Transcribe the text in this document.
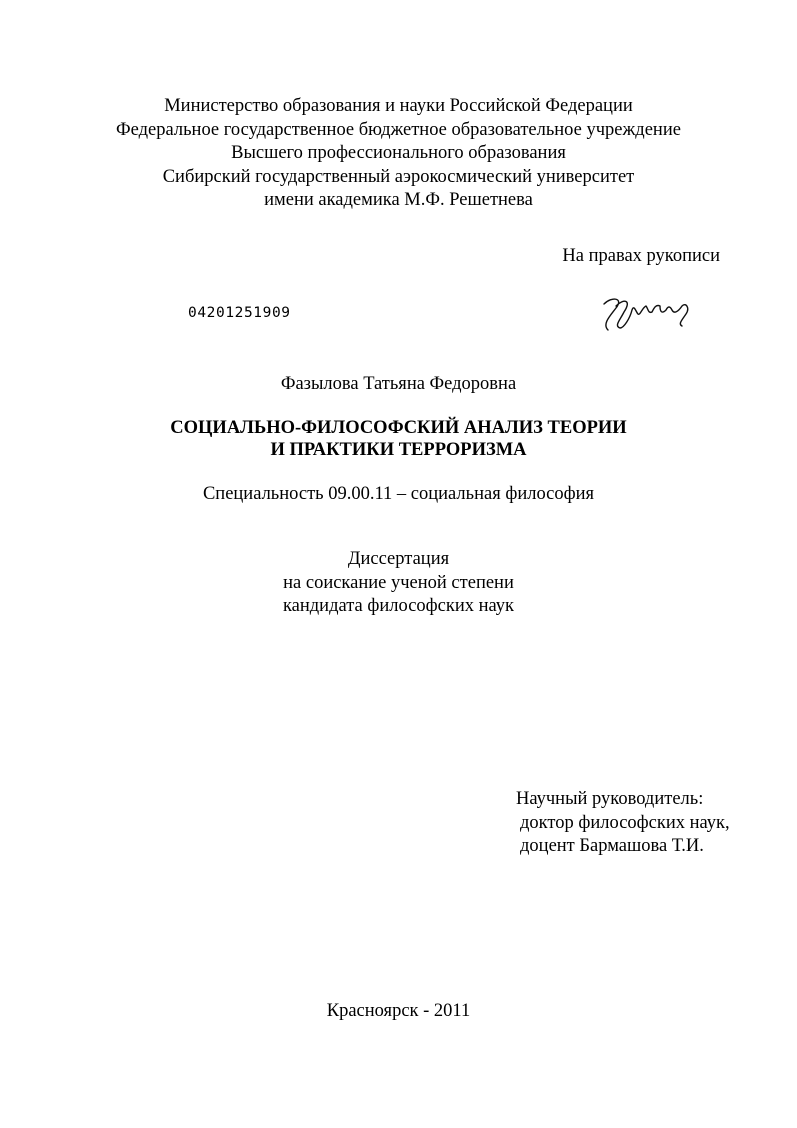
Министерство образования и науки Российской Федерации
Федеральное государственное бюджетное образовательное учреждение
Высшего профессионального образования
Сибирский государственный аэрокосмический университет
имени академика М.Ф. Решетнева
На правах рукописи
04201251909
Фазылова Татьяна Федоровна
СОЦИАЛЬНО-ФИЛОСОФСКИЙ АНАЛИЗ ТЕОРИИ
И ПРАКТИКИ ТЕРРОРИЗМА
Специальность 09.00.11 – социальная философия
Диссертация
на соискание ученой степени
кандидата философских наук
Научный руководитель:
доктор философских наук,
доцент Бармашова Т.И.
Красноярск - 2011
